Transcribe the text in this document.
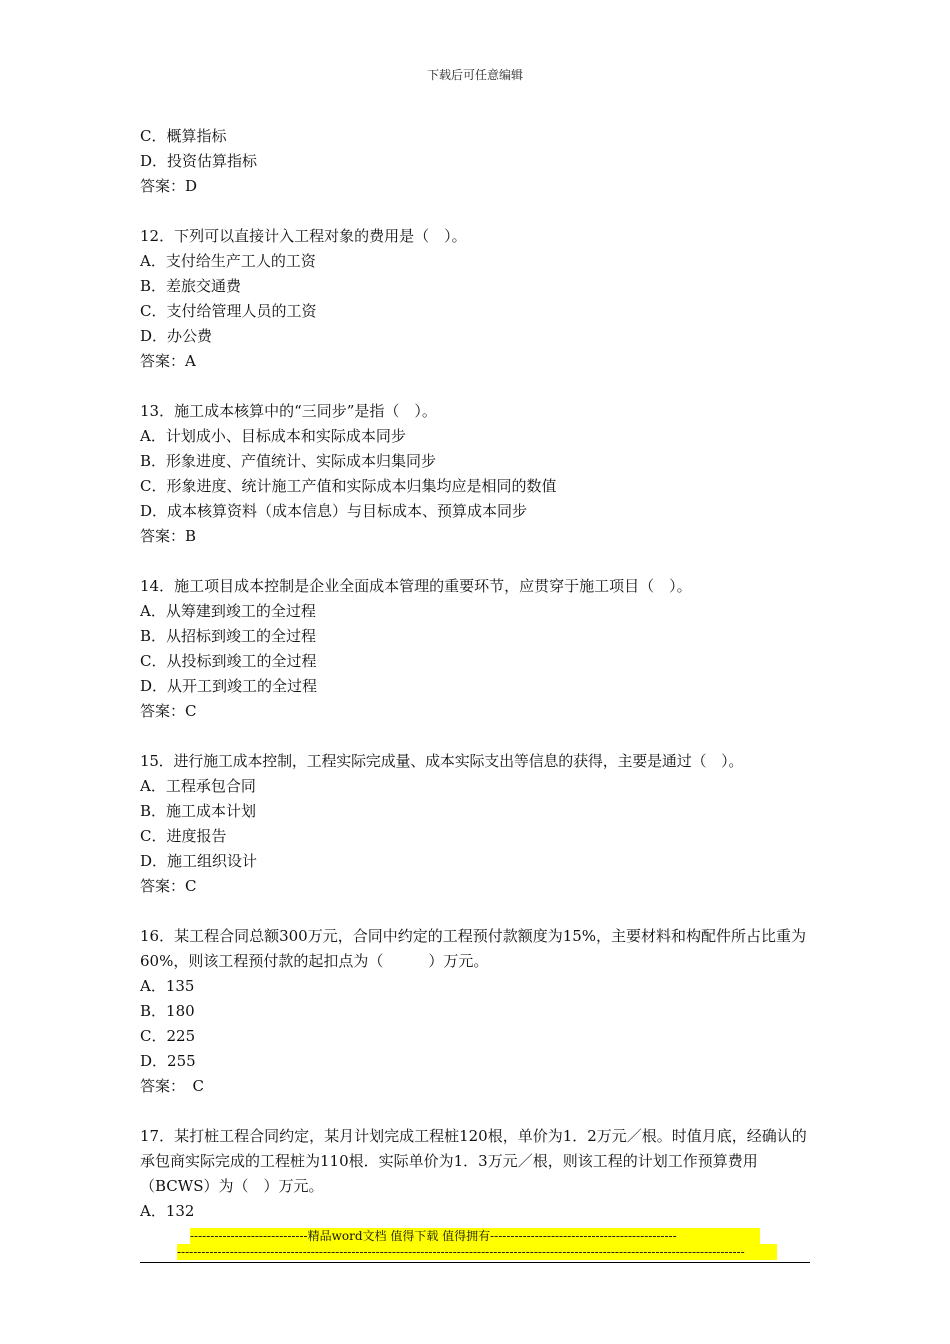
下载后可任意编辑
C．概算指标
D．投资估算指标
答案：D
12．下列可以直接计入工程对象的费用是（　）。
A．支付给生产工人的工资
B．差旅交通费
C．支付给管理人员的工资
D．办公费
答案：A
13．施工成本核算中的“三同步”是指（　）。
A．计划成小、目标成本和实际成本同步
B．形象进度、产值统计、实际成本归集同步
C．形象进度、统计施工产值和实际成本归集均应是相同的数值
D．成本核算资料（成本信息）与目标成本、预算成本同步
答案：B
14．施工项目成本控制是企业全面成本管理的重要环节，应贯穿于施工项目（　）。
A．从筹建到竣工的全过程
B．从招标到竣工的全过程
C．从投标到竣工的全过程
D．从开工到竣工的全过程
答案：C
15．进行施工成本控制，工程实际完成量、成本实际支出等信息的获得，主要是通过（　）。
A．工程承包合同
B．施工成本计划
C．进度报告
D．施工组织设计
答案：C
16．某工程合同总额300万元，合同中约定的工程预付款额度为15%，主要材料和构配件所占比重为60%，则该工程预付款的起扣点为（　　　）万元。
A．135
B．180
C．225
D．255
答案：　C
17．某打桩工程合同约定，某月计划完成工程桩120根，单价为1．2万元／根。时值月底，经确认的承包商实际完成的工程桩为110根．实际单价为1．3万元／根，则该工程的计划工作预算费用（BCWS）为（　）万元。
A．132
-----------------------------精品word文档 值得下载 值得拥有----------------------------------------------
--------------------------------------------------------------------------------------------------------------------------------------------
